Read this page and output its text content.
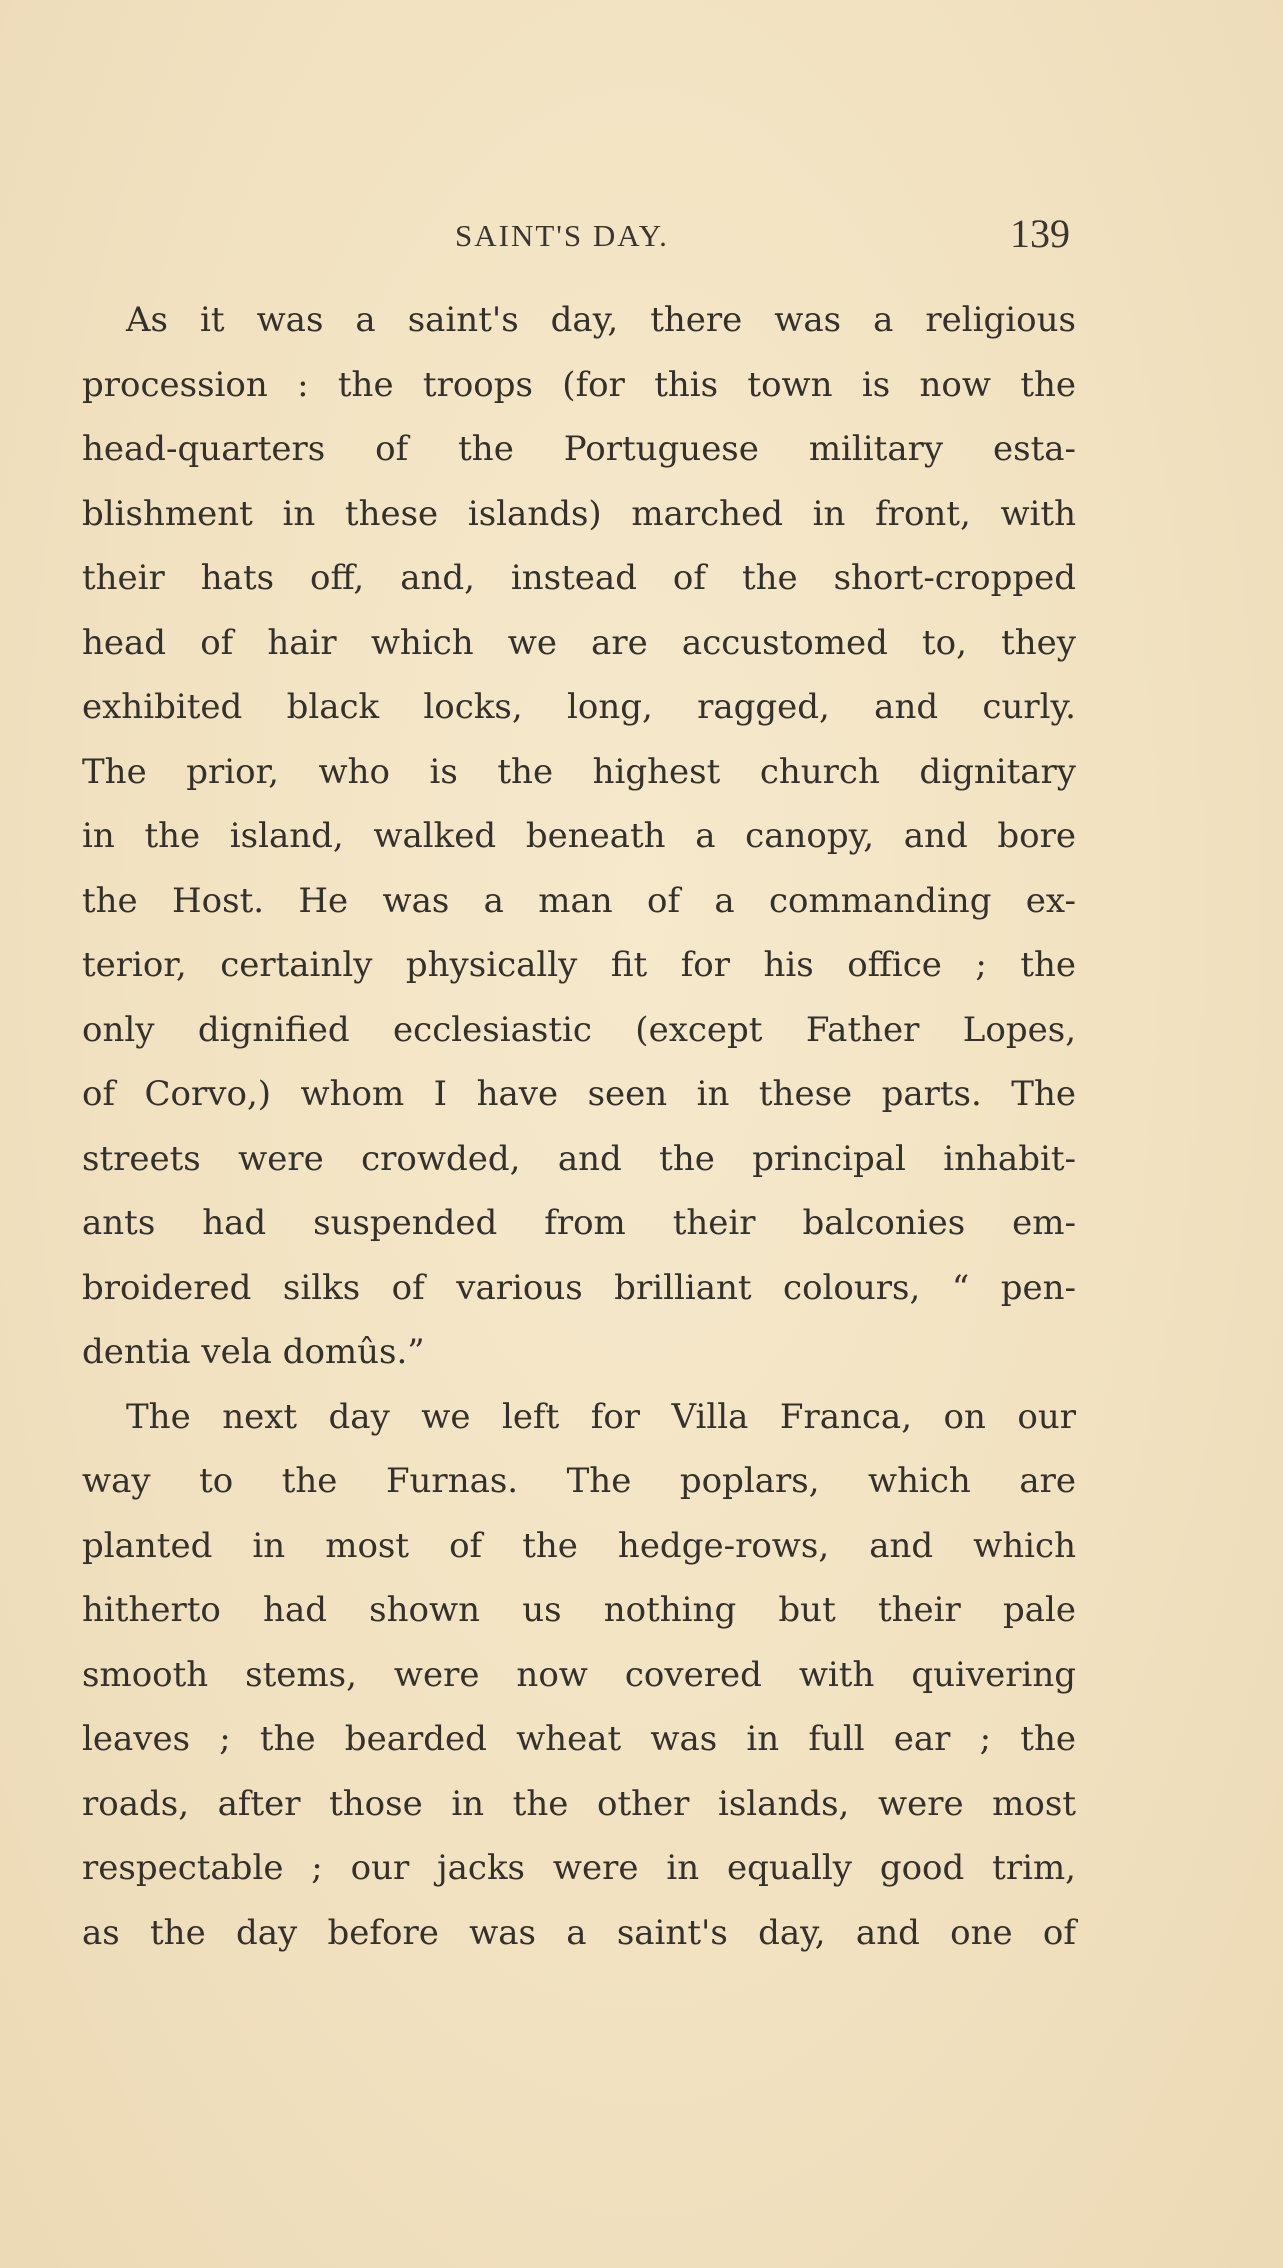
SAINT'S DAY.	139
As it was a saint's day, there was a religious
procession : the troops (for this town is now the
head-quarters of the Portuguese military esta-
blishment in these islands) marched in front, with
their hats off, and, instead of the short-cropped
head of hair which we are accustomed to, they
exhibited black locks, long, ragged, and curly.
The prior, who is the highest church dignitary
in the island, walked beneath a canopy, and bore
the Host. He was a man of a commanding ex-
terior, certainly physically fit for his office ; the
only dignified ecclesiastic (except Father Lopes,
of Corvo,) whom I have seen in these parts. The
streets were crowded, and the principal inhabit-
ants had suspended from their balconies em-
broidered silks of various brilliant colours, “ pen-
dentia vela domûs.”
The next day we left for Villa Franca, on our
way to the Furnas. The poplars, which are
planted in most of the hedge-rows, and which
hitherto had shown us nothing but their pale
smooth stems, were now covered with quivering
leaves ; the bearded wheat was in full ear ; the
roads, after those in the other islands, were most
respectable ; our jacks were in equally good trim,
as the day before was a saint's day, and one of
